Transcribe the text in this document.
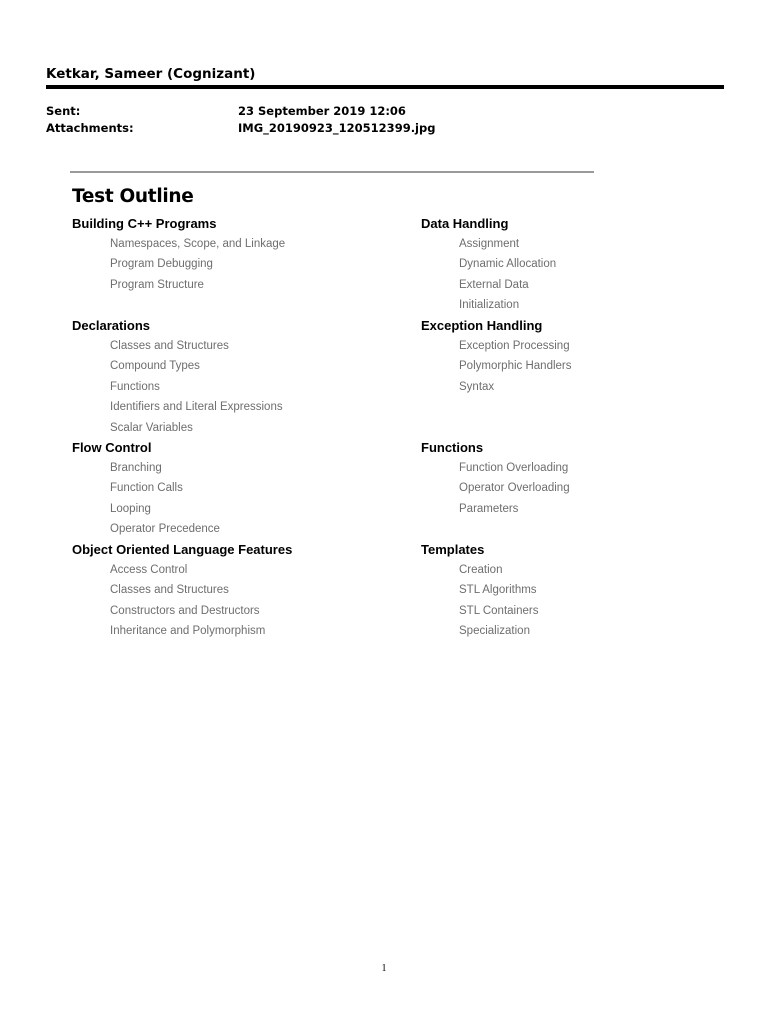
Ketkar, Sameer (Cognizant)
Sent:	23 September 2019 12:06
Attachments:	IMG_20190923_120512399.jpg
Test Outline
Building C++ Programs
Namespaces, Scope, and Linkage
Program Debugging
Program Structure
Data Handling
Assignment
Dynamic Allocation
External Data
Initialization
Declarations
Classes and Structures
Compound Types
Functions
Identifiers and Literal Expressions
Scalar Variables
Exception Handling
Exception Processing
Polymorphic Handlers
Syntax
Flow Control
Branching
Function Calls
Looping
Operator Precedence
Functions
Function Overloading
Operator Overloading
Parameters
Object Oriented Language Features
Access Control
Classes and Structures
Constructors and Destructors
Inheritance and Polymorphism
Templates
Creation
STL Algorithms
STL Containers
Specialization
1
